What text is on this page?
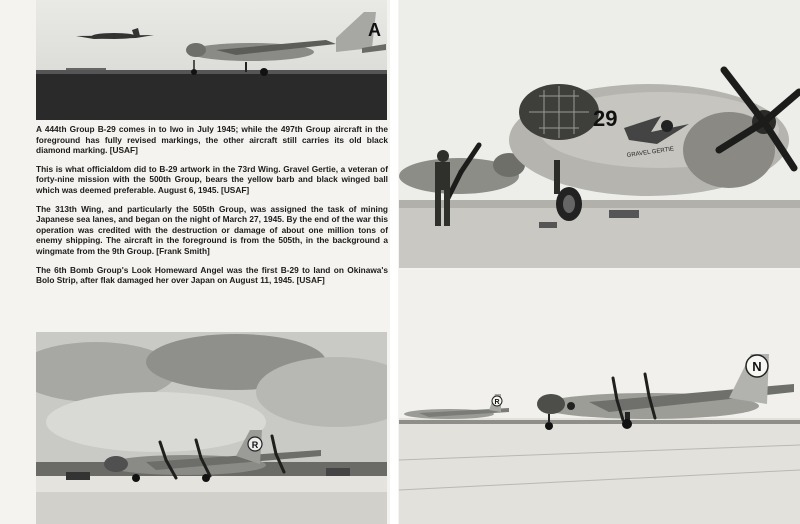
A
29
GRAVEL GERTIE

A 444th Group B-29 comes in to Iwo in July 1945; while the 497th Group aircraft in the foreground has fully revised markings, the other aircraft still carries its old black diamond marking. [USAF]

This is what officialdom did to B-29 artwork in the 73rd Wing. Gravel Gertie, a veteran of forty-nine mission with the 500th Group, bears the yellow barb and black winged ball which was deemed preferable. August 6, 1945. [USAF]

The 313th Wing, and particularly the 505th Group, was assigned the task of mining Japanese sea lanes, and began on the night of March 27, 1945. By the end of the war this operation was credited with the destruction or damage of about one million tons of enemy shipping. The aircraft in the foreground is from the 505th, in the background a wingmate from the 9th Group. [Frank Smith]

The 6th Bomb Group's Look Homeward Angel was the first B-29 to land on Okinawa's Bolo Strip, after flak damaged her over Japan on August 11, 1945. [USAF]

R
R
N
